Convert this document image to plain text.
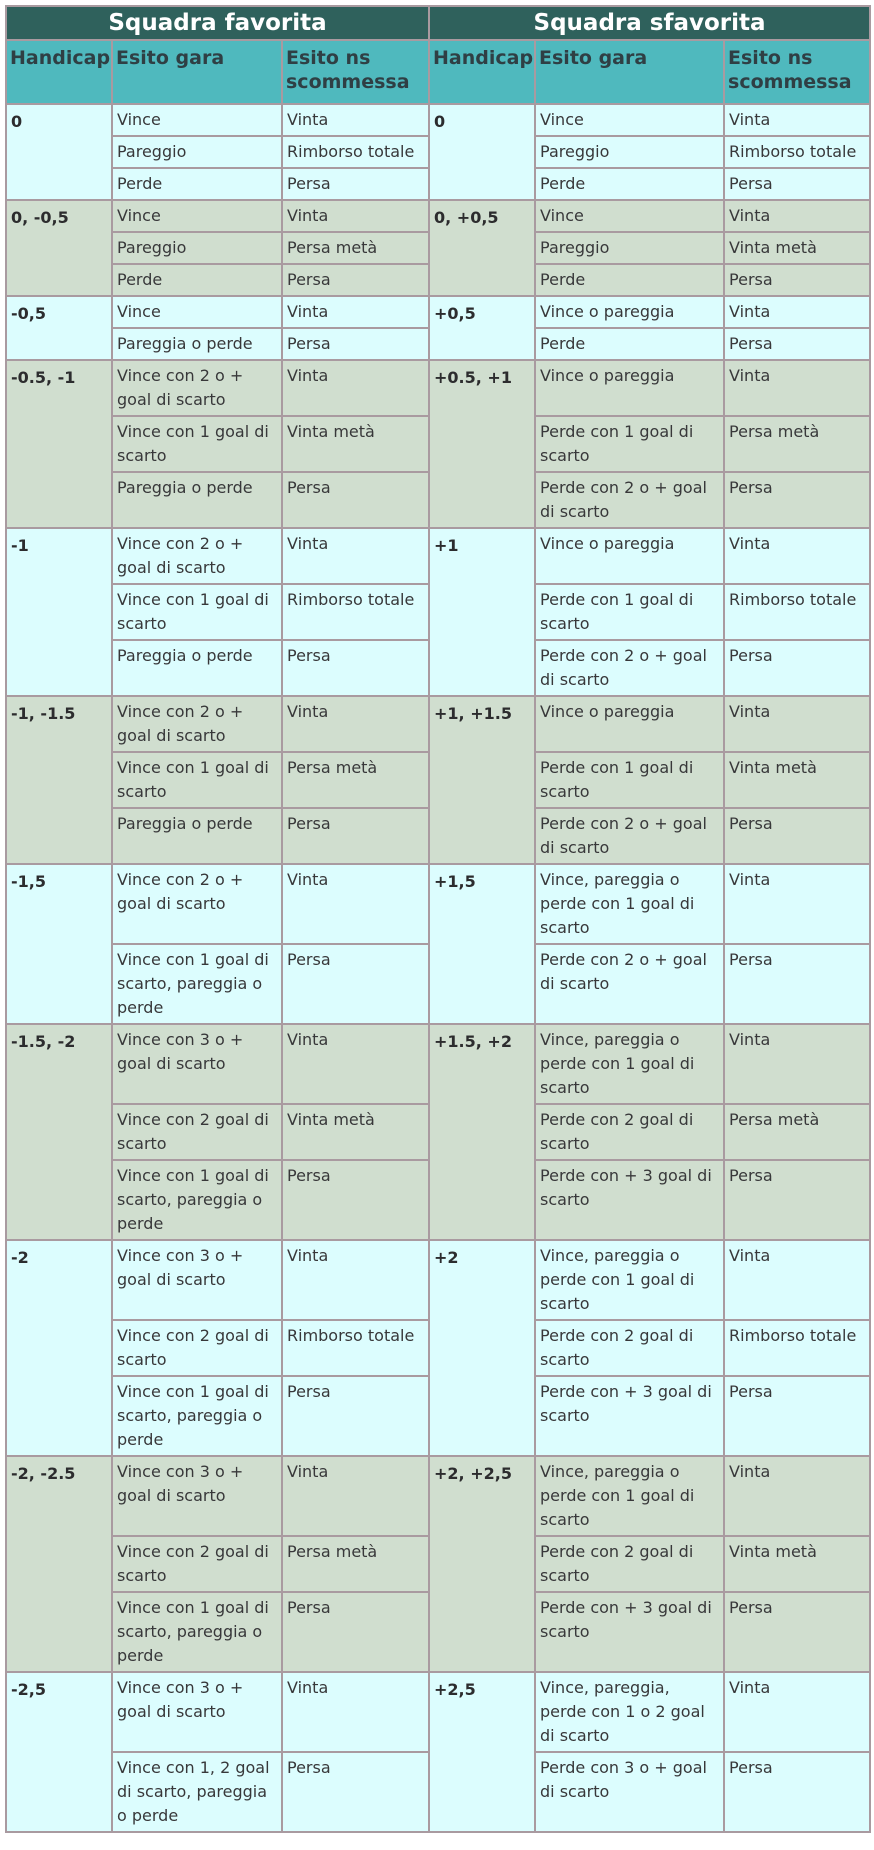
Squadra favorita			Squadra sfavorita		
Handicap	Esito gara	Esito ns scommessa	Handicap	Esito gara	Esito ns scommessa
0	Vince	Vinta	0	Vince	Vinta
	Pareggio	Rimborso totale		Pareggio	Rimborso totale
	Perde	Persa		Perde	Persa
0, -0,5	Vince	Vinta	0, +0,5	Vince	Vinta
	Pareggio	Persa metà		Pareggio	Vinta metà
	Perde	Persa		Perde	Persa
-0,5	Vince	Vinta	+0,5	Vince o pareggia	Vinta
	Pareggia o perde	Persa		Perde	Persa
-0.5, -1	Vince con 2 o + goal di scarto	Vinta	+0.5, +1	Vince o pareggia	Vinta
	Vince con 1 goal di scarto	Vinta metà		Perde con 1 goal di scarto	Persa metà
	Pareggia o perde	Persa		Perde con 2 o + goal di scarto	Persa
-1	Vince con 2 o + goal di scarto	Vinta	+1	Vince o pareggia	Vinta
	Vince con 1 goal di scarto	Rimborso totale		Perde con 1 goal di scarto	Rimborso totale
	Pareggia o perde	Persa		Perde con 2 o + goal di scarto	Persa
-1, -1.5	Vince con 2 o + goal di scarto	Vinta	+1, +1.5	Vince o pareggia	Vinta
	Vince con 1 goal di scarto	Persa metà		Perde con 1 goal di scarto	Vinta metà
	Pareggia o perde	Persa		Perde con 2 o + goal di scarto	Persa
-1,5	Vince con 2 o + goal di scarto	Vinta	+1,5	Vince, pareggia o perde con 1 goal di scarto	Vinta
	Vince con 1 goal di scarto, pareggia o perde	Persa		Perde con 2 o + goal di scarto	Persa
-1.5, -2	Vince con 3 o + goal di scarto	Vinta	+1.5, +2	Vince, pareggia o perde con 1 goal di scarto	Vinta
	Vince con 2 goal di scarto	Vinta metà		Perde con 2 goal di scarto	Persa metà
	Vince con 1 goal di scarto, pareggia o perde	Persa		Perde con + 3 goal di scarto	Persa
-2	Vince con 3 o + goal di scarto	Vinta	+2	Vince, pareggia o perde con 1 goal di scarto	Vinta
	Vince con 2 goal di scarto	Rimborso totale		Perde con 2 goal di scarto	Rimborso totale
	Vince con 1 goal di scarto, pareggia o perde	Persa		Perde con + 3 goal di scarto	Persa
-2, -2.5	Vince con 3 o + goal di scarto	Vinta	+2, +2,5	Vince, pareggia o perde con 1 goal di scarto	Vinta
	Vince con 2 goal di scarto	Persa metà		Perde con 2 goal di scarto	Vinta metà
	Vince con 1 goal di scarto, pareggia o perde	Persa		Perde con + 3 goal di scarto	Persa
-2,5	Vince con 3 o + goal di scarto	Vinta	+2,5	Vince, pareggia, perde con 1 o 2 goal di scarto	Vinta
	Vince con 1, 2 goal di scarto, pareggia o perde	Persa		Perde con 3 o + goal di scarto	Persa
